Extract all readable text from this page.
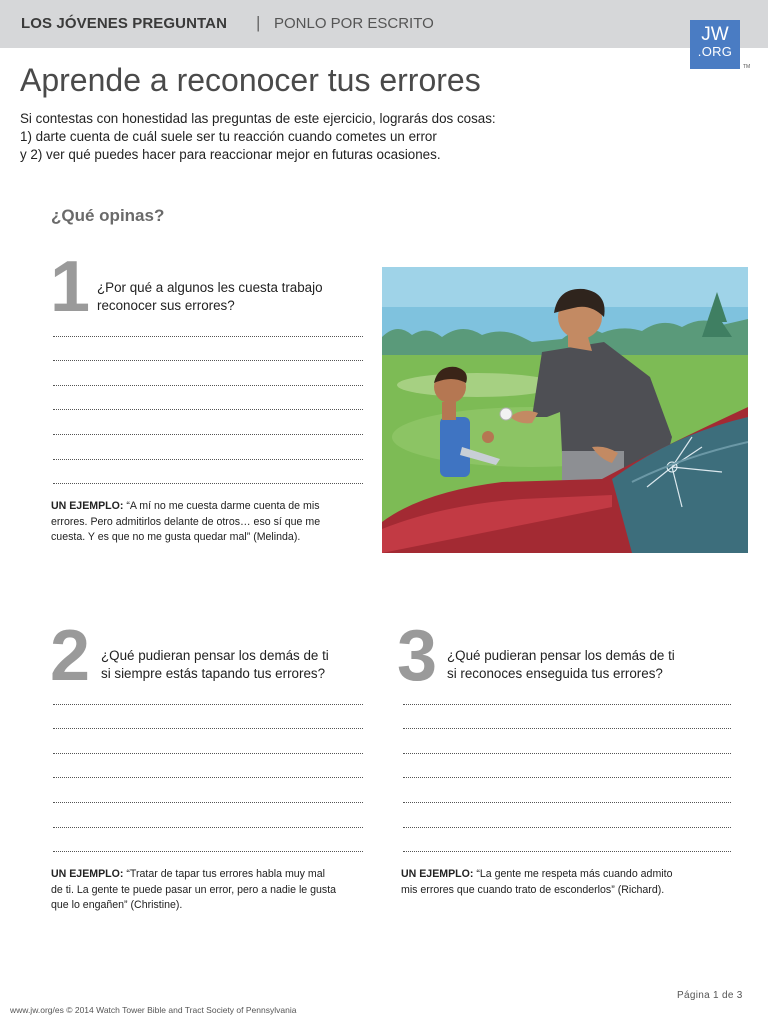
LOS JÓVENES PREGUNTAN | PONLO POR ESCRITO
JW
.ORG
TM
Aprende a reconocer tus errores
Si contestas con honestidad las preguntas de este ejercicio, lograrás dos cosas:
1) darte cuenta de cuál suele ser tu reacción cuando cometes un error
y 2) ver qué puedes hacer para reaccionar mejor en futuras ocasiones.
¿Qué opinas?
1 ¿Por qué a algunos les cuesta trabajo
reconocer sus errores?
UN EJEMPLO: “A mí no me cuesta darme cuenta de mis
errores. Pero admitirlos delante de otros… eso sí que me
cuesta. Y es que no me gusta quedar mal” (Melinda).
2 ¿Qué pudieran pensar los demás de ti
si siempre estás tapando tus errores?
UN EJEMPLO: “Tratar de tapar tus errores habla muy mal
de ti. La gente te puede pasar un error, pero a nadie le gusta
que lo engañen” (Christine).
3 ¿Qué pudieran pensar los demás de ti
si reconoces enseguida tus errores?
UN EJEMPLO: “La gente me respeta más cuando admito
mis errores que cuando trato de esconderlos” (Richard).
Página 1 de 3
www.jw.org/es © 2014 Watch Tower Bible and Tract Society of Pennsylvania
